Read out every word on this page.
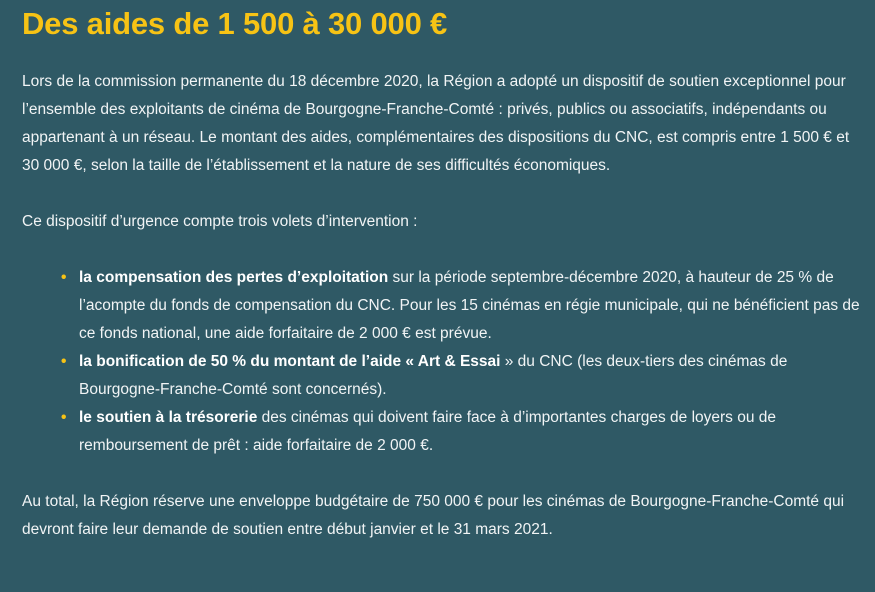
Des aides de 1 500 à 30 000 €

Lors de la commission permanente du 18 décembre 2020, la Région a adopté un dispositif de soutien exceptionnel pour l’ensemble des exploitants de cinéma de Bourgogne-Franche-Comté : privés, publics ou associatifs, indépendants ou appartenant à un réseau. Le montant des aides, complémentaires des dispositions du CNC, est compris entre 1 500 € et 30 000 €, selon la taille de l’établissement et la nature de ses difficultés économiques.

Ce dispositif d’urgence compte trois volets d’intervention :

• la compensation des pertes d’exploitation sur la période septembre-décembre 2020, à hauteur de 25 % de l’acompte du fonds de compensation du CNC. Pour les 15 cinémas en régie municipale, qui ne bénéficient pas de ce fonds national, une aide forfaitaire de 2 000 € est prévue.
• la bonification de 50 % du montant de l’aide « Art & Essai » du CNC (les deux-tiers des cinémas de Bourgogne-Franche-Comté sont concernés).
• le soutien à la trésorerie des cinémas qui doivent faire face à d’importantes charges de loyers ou de remboursement de prêt : aide forfaitaire de 2 000 €.

Au total, la Région réserve une enveloppe budgétaire de 750 000 € pour les cinémas de Bourgogne-Franche-Comté qui devront faire leur demande de soutien entre début janvier et le 31 mars 2021.
